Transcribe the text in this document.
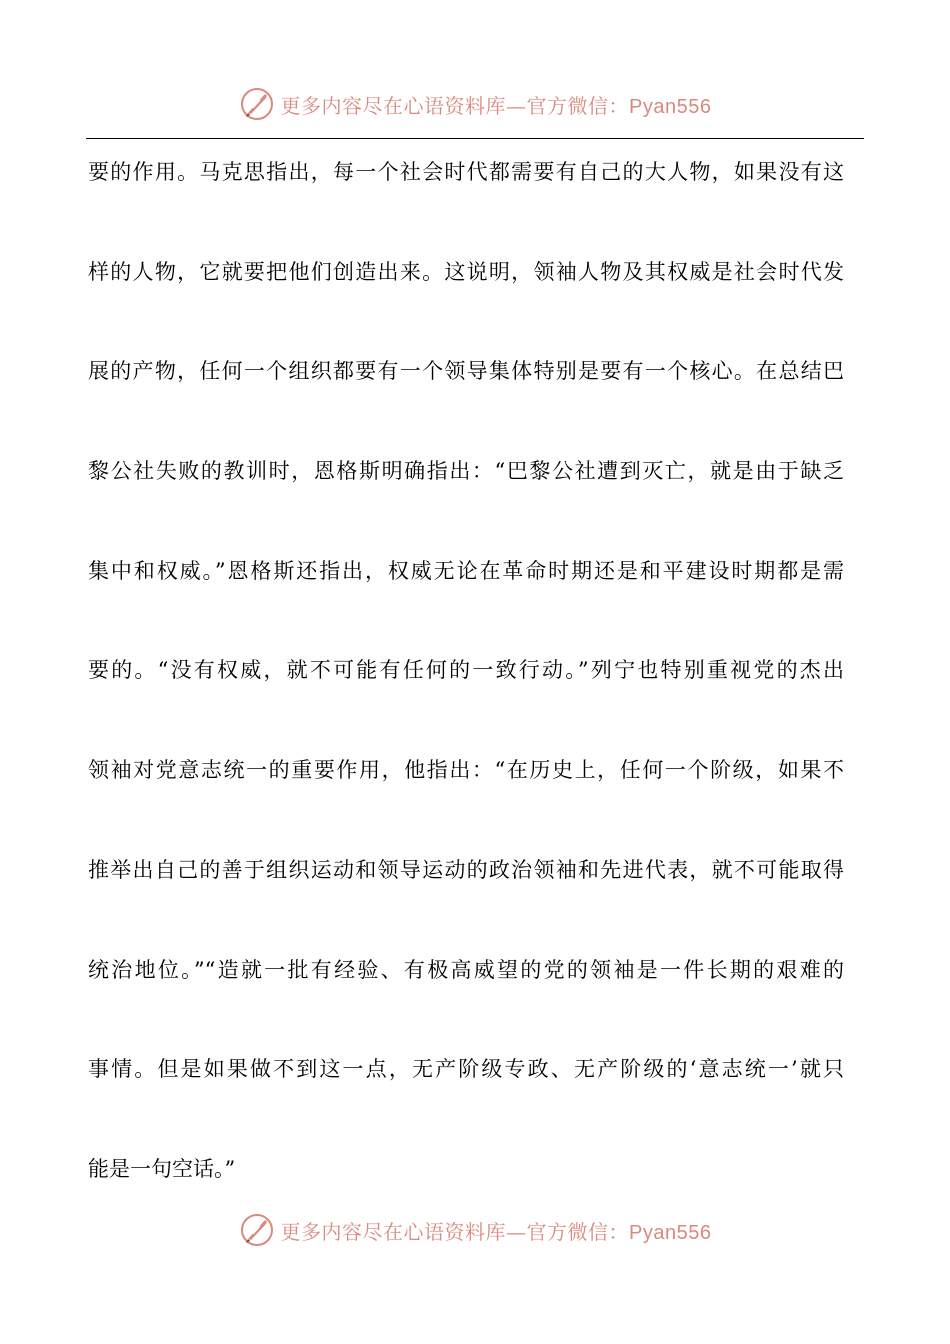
更多内容尽在心语资料库—官方微信：Pyan556
要的作用。马克思指出，每一个社会时代都需要有自己的大人物，如果没有这
样的人物，它就要把他们创造出来。这说明，领袖人物及其权威是社会时代发
展的产物，任何一个组织都要有一个领导集体特别是要有一个核心。在总结巴
黎公社失败的教训时，恩格斯明确指出：“巴黎公社遭到灭亡，就是由于缺乏
集中和权威。”恩格斯还指出，权威无论在革命时期还是和平建设时期都是需
要的。“没有权威，就不可能有任何的一致行动。”列宁也特别重视党的杰出
领袖对党意志统一的重要作用，他指出：“在历史上，任何一个阶级，如果不
推举出自己的善于组织运动和领导运动的政治领袖和先进代表，就不可能取得
统治地位。”“造就一批有经验、有极高威望的党的领袖是一件长期的艰难的
事情。但是如果做不到这一点，无产阶级专政、无产阶级的‘意志统一’就只
能是一句空话。”
更多内容尽在心语资料库—官方微信：Pyan556
